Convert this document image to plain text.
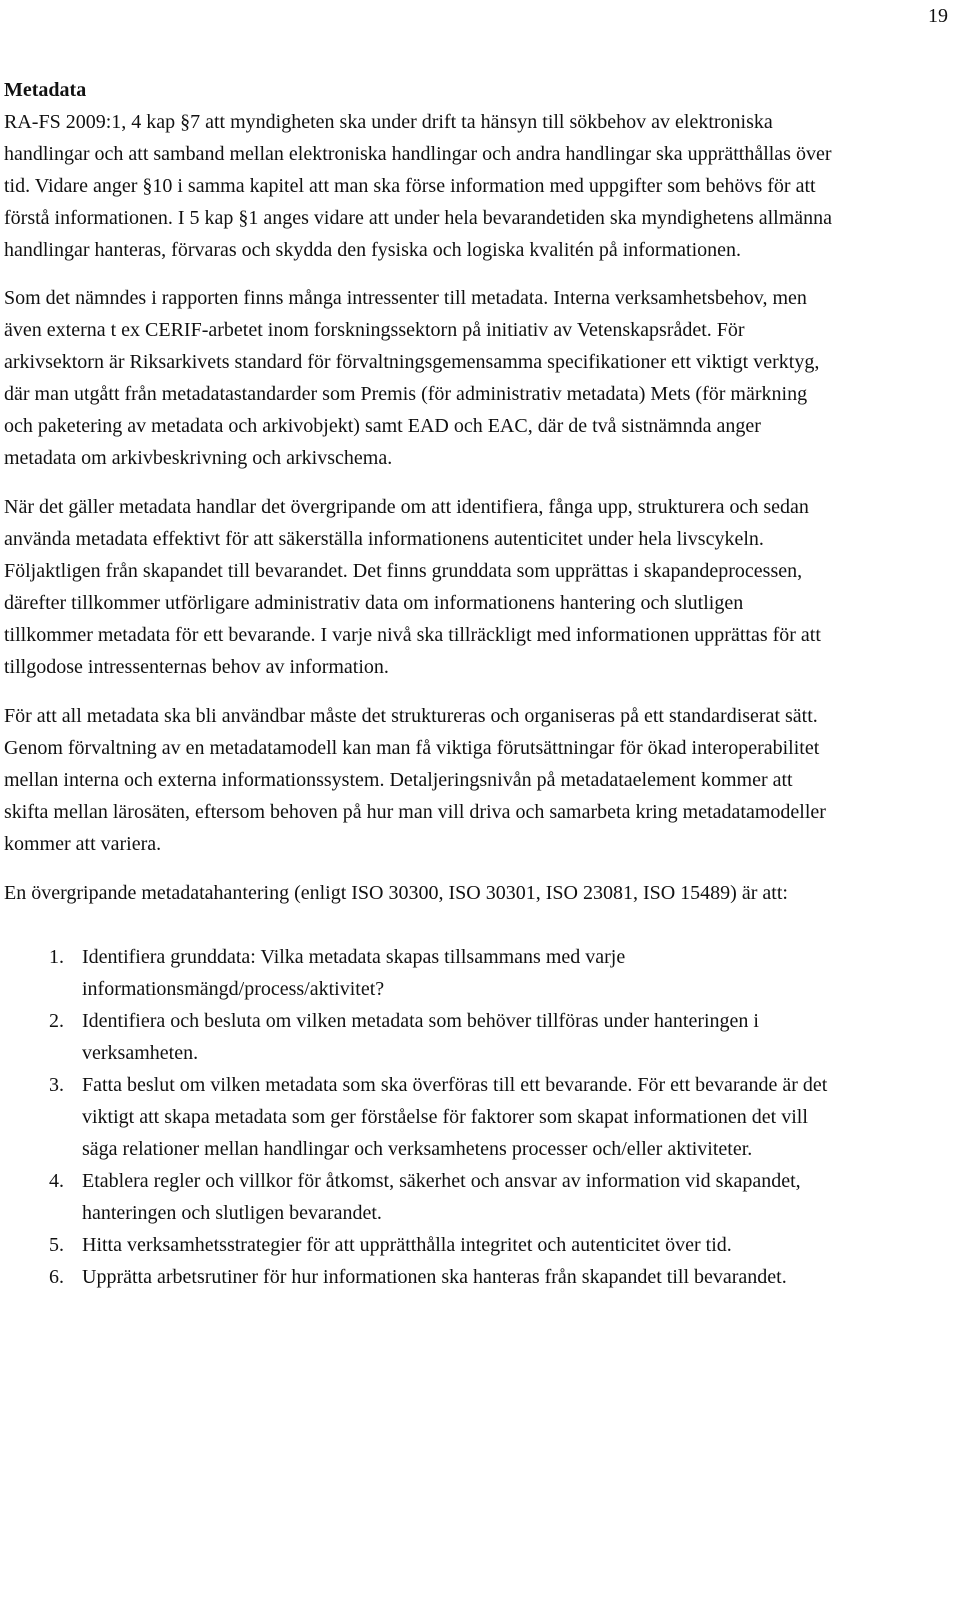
19

Metadata

RA-FS 2009:1, 4 kap §7 att myndigheten ska under drift ta hänsyn till sökbehov av elektroniska handlingar och att samband mellan elektroniska handlingar och andra handlingar ska upprätthållas över tid. Vidare anger §10 i samma kapitel att man ska förse information med uppgifter som behövs för att förstå informationen. I 5 kap §1 anges vidare att under hela bevarandetiden ska myndighetens allmänna handlingar hanteras, förvaras och skydda den fysiska och logiska kvalitén på informationen.

Som det nämndes i rapporten finns många intressenter till metadata. Interna verksamhetsbehov, men även externa t ex CERIF-arbetet inom forskningssektorn på initiativ av Vetenskapsrådet. För arkivsektorn är Riksarkivets standard för förvaltningsgemensamma specifikationer ett viktigt verktyg, där man utgått från metadatastandarder som Premis (för administrativ metadata) Mets (för märkning och paketering av metadata och arkivobjekt) samt EAD och EAC, där de två sistnämnda anger metadata om arkivbeskrivning och arkivschema.

När det gäller metadata handlar det övergripande om att identifiera, fånga upp, strukturera och sedan använda metadata effektivt för att säkerställa informationens autenticitet under hela livscykeln. Följaktligen från skapandet till bevarandet. Det finns grunddata som upprättas i skapandeprocessen, därefter tillkommer utförligare administrativ data om informationens hantering och slutligen tillkommer metadata för ett bevarande. I varje nivå ska tillräckligt med informationen upprättas för att tillgodose intressenternas behov av information.

För att all metadata ska bli användbar måste det struktureras och organiseras på ett standardiserat sätt. Genom förvaltning av en metadatamodell kan man få viktiga förutsättningar för ökad interoperabilitet mellan interna och externa informationssystem. Detaljeringsnivån på metadataelement kommer att skifta mellan lärosäten, eftersom behoven på hur man vill driva och samarbeta kring metadatamodeller kommer att variera.

En övergripande metadatahantering (enligt ISO 30300, ISO 30301, ISO 23081, ISO 15489) är att:

1. Identifiera grunddata: Vilka metadata skapas tillsammans med varje informationsmängd/process/aktivitet?
2. Identifiera och besluta om vilken metadata som behöver tillföras under hanteringen i verksamheten.
3. Fatta beslut om vilken metadata som ska överföras till ett bevarande. För ett bevarande är det viktigt att skapa metadata som ger förståelse för faktorer som skapat informationen det vill säga relationer mellan handlingar och verksamhetens processer och/eller aktiviteter.
4. Etablera regler och villkor för åtkomst, säkerhet och ansvar av information vid skapandet, hanteringen och slutligen bevarandet.
5. Hitta verksamhetsstrategier för att upprätthålla integritet och autenticitet över tid.
6. Upprätta arbetsrutiner för hur informationen ska hanteras från skapandet till bevarandet.
